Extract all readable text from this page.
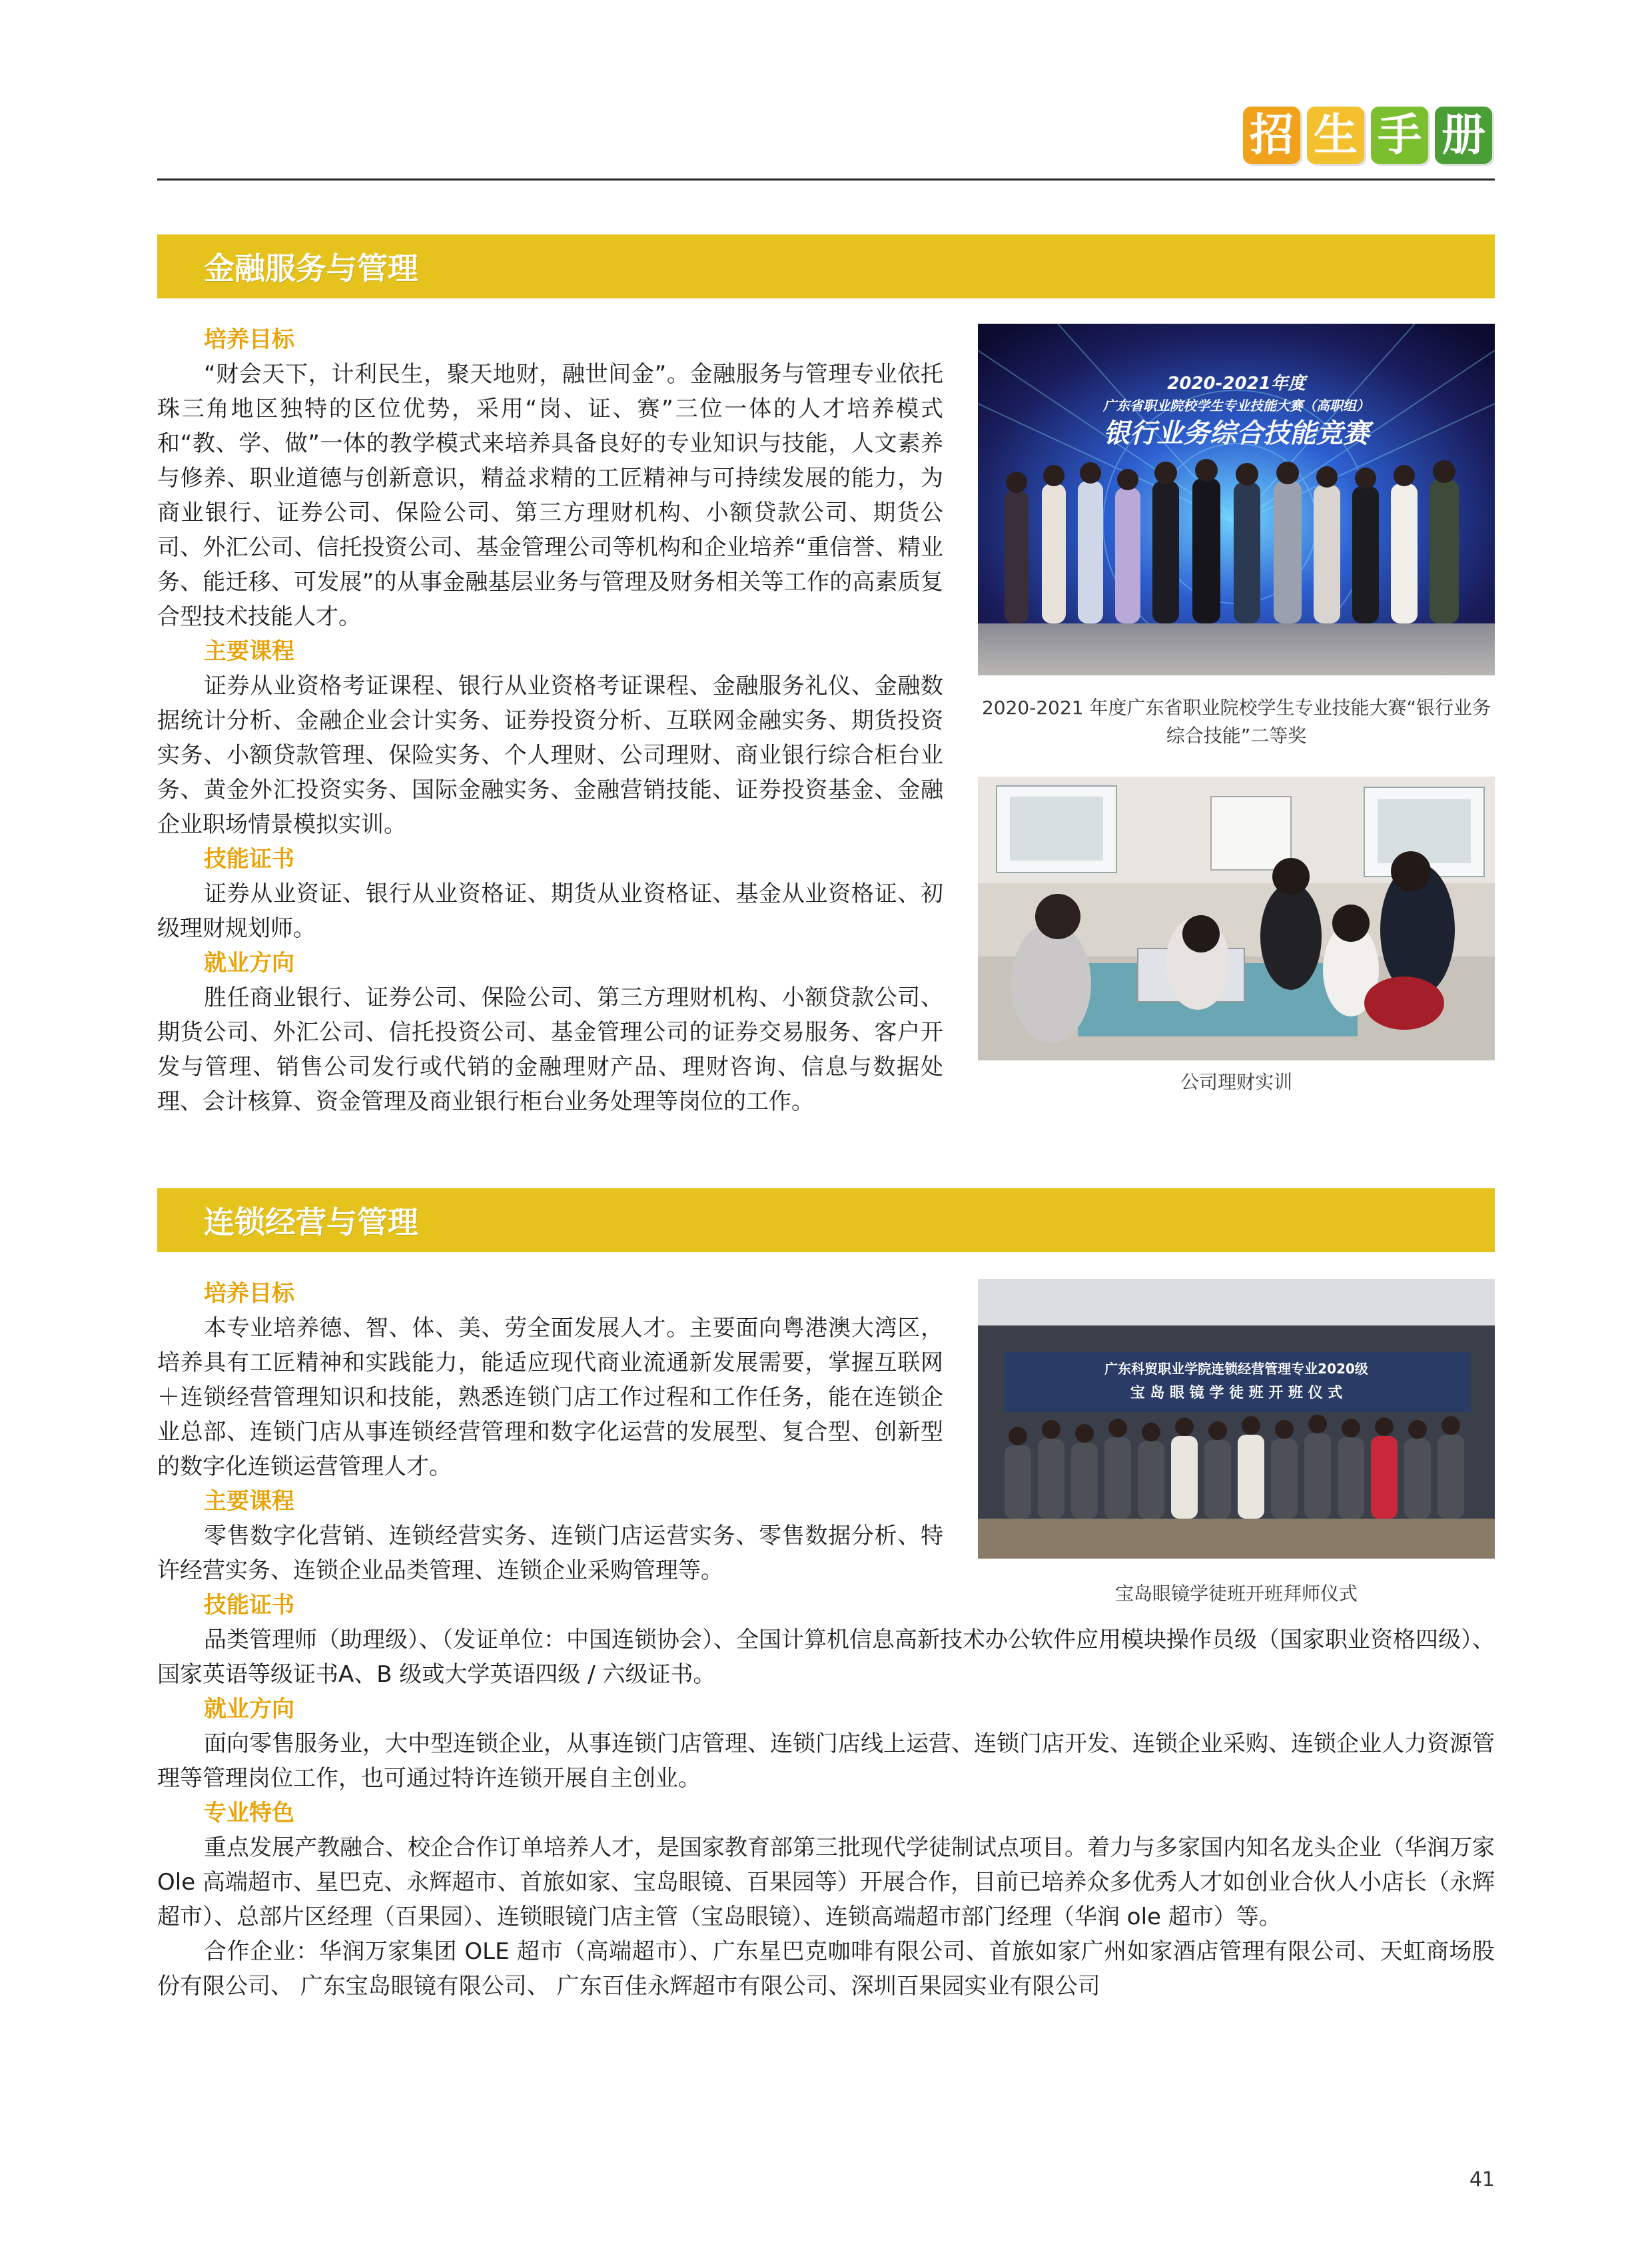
招 生 手 册
金融服务与管理
培养目标

“财会天下，计利民生，聚天地财，融世间金”。金融服务与管理专业依托珠三角地区独特的区位优势，采用“岗、证、赛”三位一体的人才培养模式和“教、学、做”一体的教学模式来培养具备良好的专业知识与技能，人文素养与修养、职业道德与创新意识，精益求精的工匠精神与可持续发展的能力，为商业银行、证券公司、保险公司、第三方理财机构、小额贷款公司、期货公司、外汇公司、信托投资公司、基金管理公司等机构和企业培养“重信誉、精业务、能迁移、可发展”的从事金融基层业务与管理及财务相关等工作的高素质复合型技术技能人才。

主要课程

证券从业资格考证课程、银行从业资格考证课程、金融服务礼仪、金融数据统计分析、金融企业会计实务、证券投资分析、互联网金融实务、期货投资实务、小额贷款管理、保险实务、个人理财、公司理财、商业银行综合柜台业务、黄金外汇投资实务、国际金融实务、金融营销技能、证券投资基金、金融企业职场情景模拟实训。

技能证书

证券从业资证、银行从业资格证、期货从业资格证、基金从业资格证、初级理财规划师。

就业方向

胜任商业银行、证券公司、保险公司、第三方理财机构、小额贷款公司、期货公司、外汇公司、信托投资公司、基金管理公司的证券交易服务、客户开发与管理、销售公司发行或代销的金融理财产品、理财咨询、信息与数据处理、会计核算、资金管理及商业银行柜台业务处理等岗位的工作。

2020-2021年度
广东省职业院校学生专业技能大赛（高职组）
银行业务综合技能竞赛
2020-2021 年度广东省职业院校学生专业技能大赛“银行业务综合技能”二等奖
公司理财实训
连锁经营与管理
培养目标

本专业培养德、智、体、美、劳全面发展人才。主要面向粤港澳大湾区，培养具有工匠精神和实践能力，能适应现代商业流通新发展需要，掌握互联网＋连锁经营管理知识和技能，熟悉连锁门店工作过程和工作任务，能在连锁企业总部、连锁门店从事连锁经营管理和数字化运营的发展型、复合型、创新型的数字化连锁运营管理人才。

主要课程

零售数字化营销、连锁经营实务、连锁门店运营实务、零售数据分析、特许经营实务、连锁企业品类管理、连锁企业采购管理等。

技能证书

品类管理师（助理级）、（发证单位：中国连锁协会）、全国计算机信息高新技术办公软件应用模块操作员级（国家职业资格四级）、国家英语等级证书A、B 级或大学英语四级 / 六级证书。

就业方向

面向零售服务业，大中型连锁企业，从事连锁门店管理、连锁门店线上运营、连锁门店开发、连锁企业采购、连锁企业人力资源管理等管理岗位工作，也可通过特许连锁开展自主创业。

专业特色

重点发展产教融合、校企合作订单培养人才，是国家教育部第三批现代学徒制试点项目。着力与多家国内知名龙头企业（华润万家 Ole 高端超市、星巴克、永辉超市、首旅如家、宝岛眼镜、百果园等）开展合作，目前已培养众多优秀人才如创业合伙人小店长（永辉超市）、总部片区经理（百果园）、连锁眼镜门店主管（宝岛眼镜）、连锁高端超市部门经理（华润 ole 超市）等。

合作企业：华润万家集团 OLE 超市（高端超市）、广东星巴克咖啡有限公司、首旅如家广州如家酒店管理有限公司、天虹商场股份有限公司、 广东宝岛眼镜有限公司、 广东百佳永辉超市有限公司、深圳百果园实业有限公司

广东科贸职业学院连锁经营管理专业2020级
宝 岛 眼 镜 学 徒 班 开 班 仪 式
宝岛眼镜学徒班开班拜师仪式
41
